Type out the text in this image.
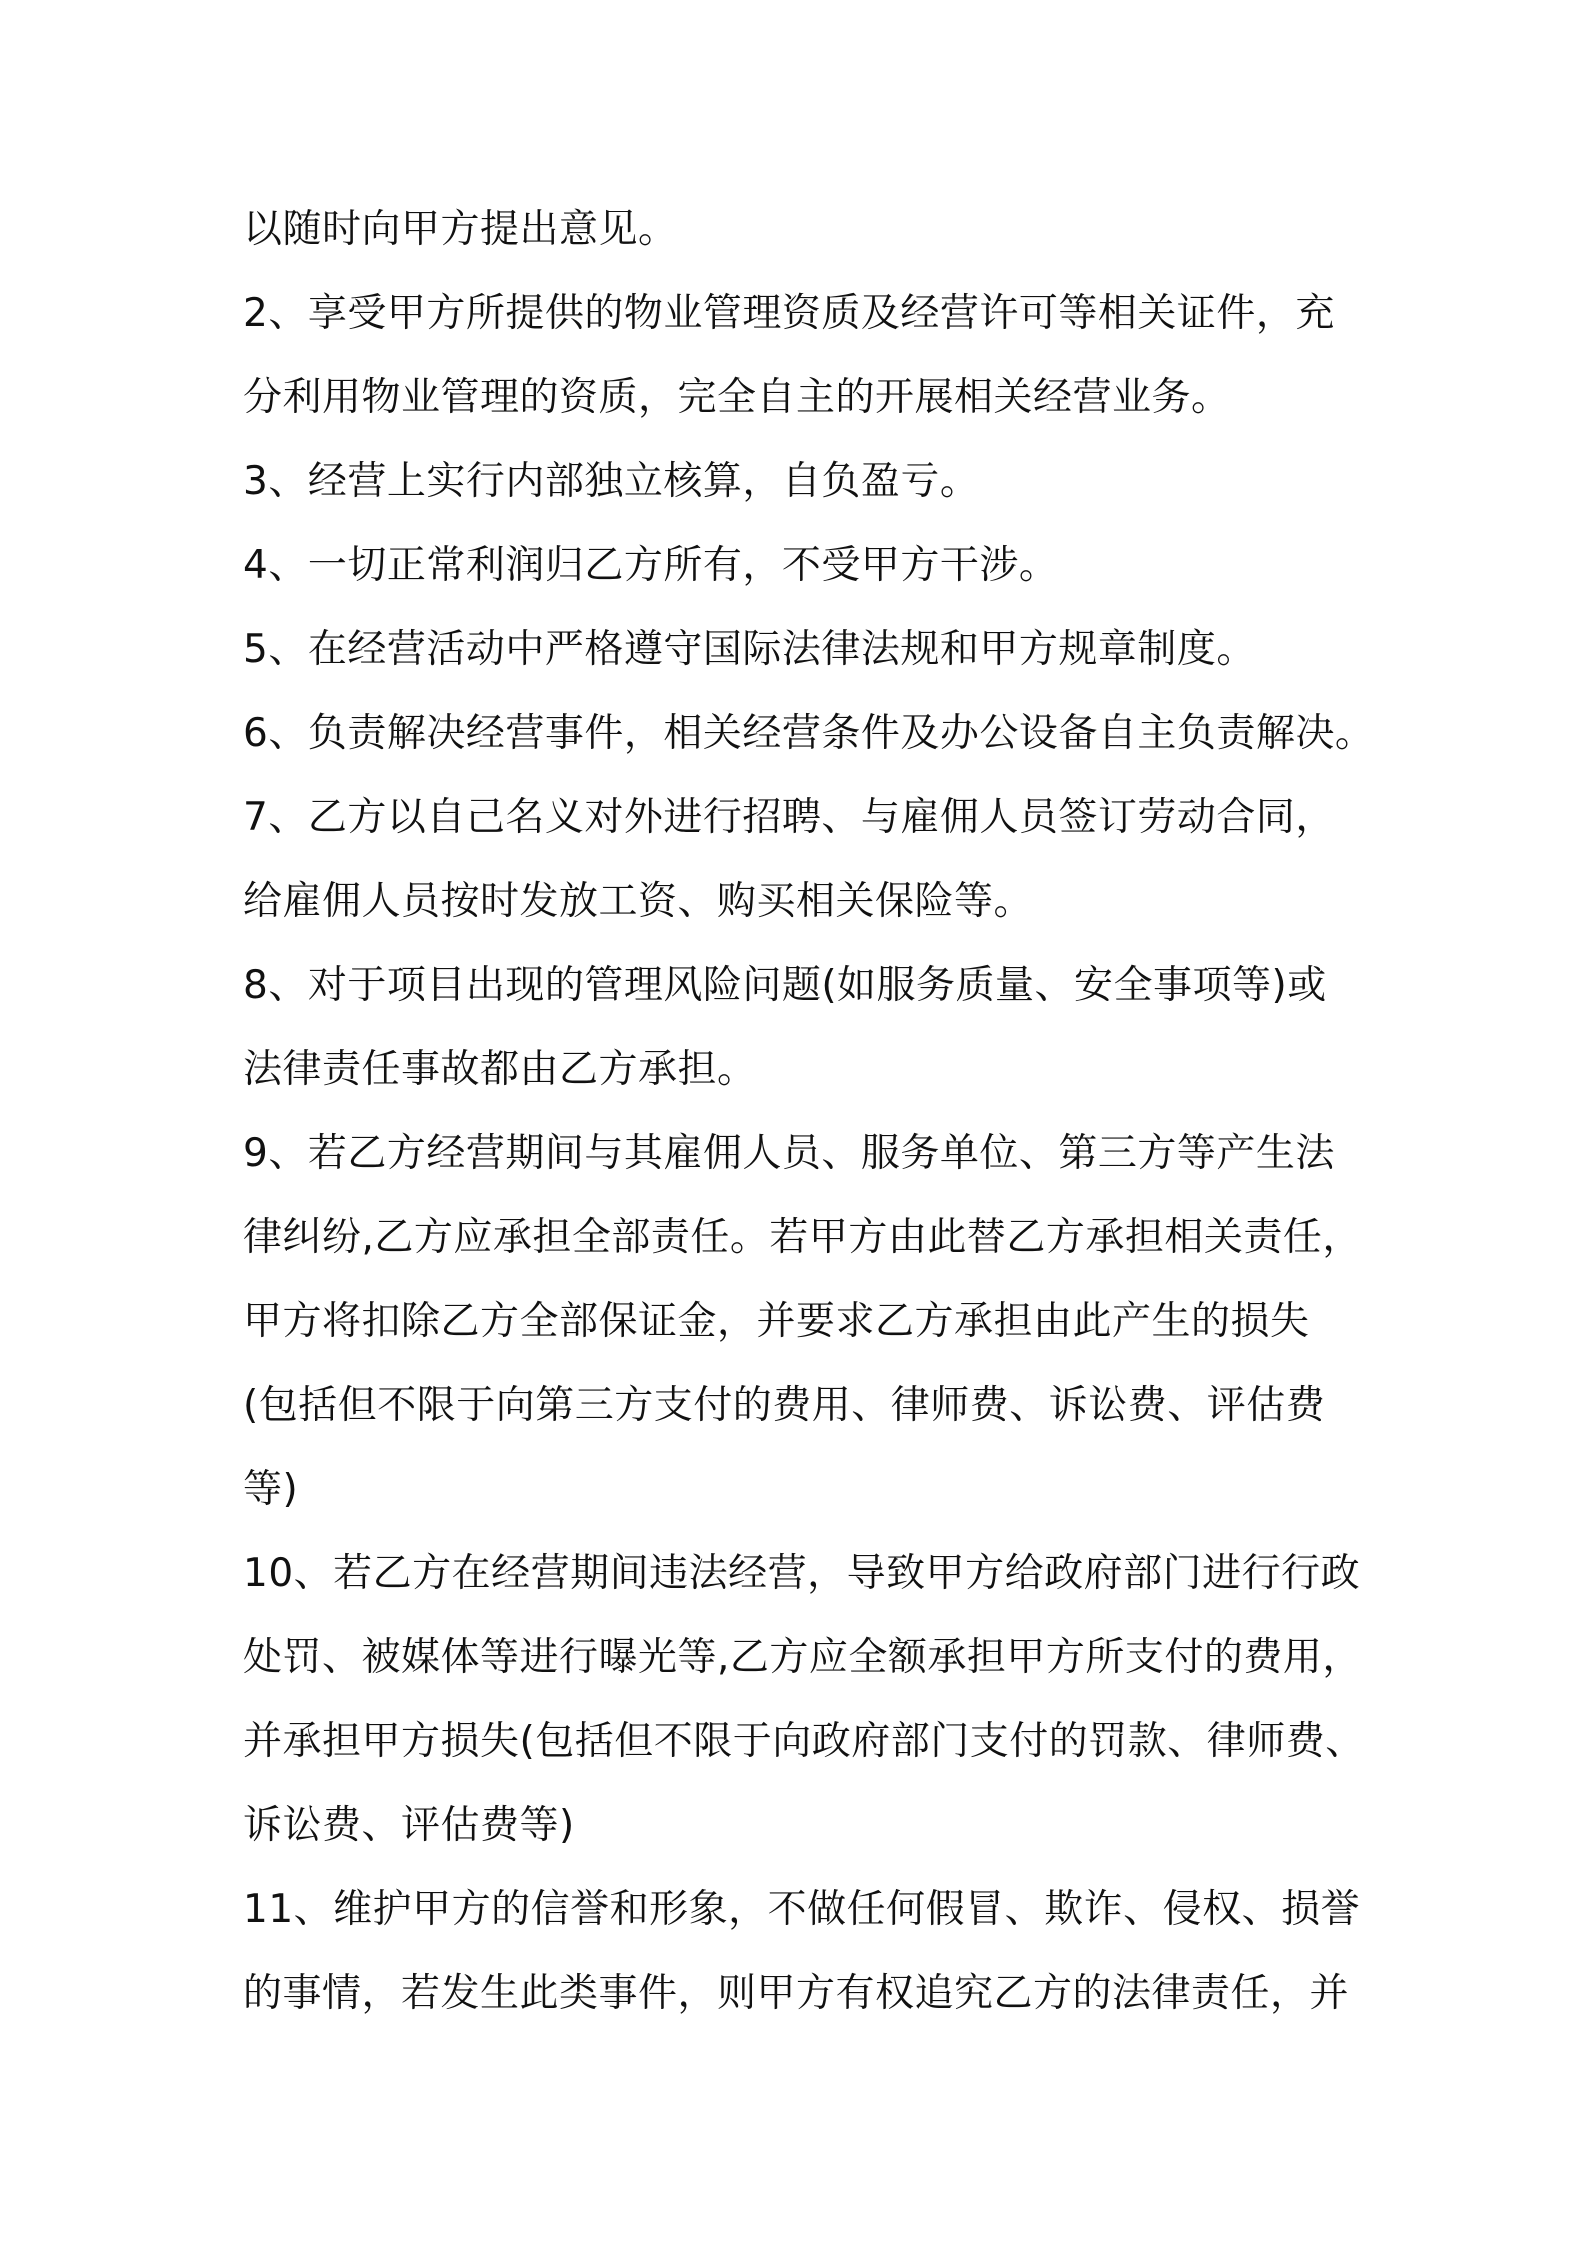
以随时向甲方提出意见。
2、享受甲方所提供的物业管理资质及经营许可等相关证件，充
分利用物业管理的资质，完全自主的开展相关经营业务。
3、经营上实行内部独立核算，自负盈亏。
4、一切正常利润归乙方所有，不受甲方干涉。
5、在经营活动中严格遵守国际法律法规和甲方规章制度。
6、负责解决经营事件，相关经营条件及办公设备自主负责解决。
7、乙方以自己名义对外进行招聘、与雇佣人员签订劳动合同，
给雇佣人员按时发放工资、购买相关保险等。
8、对于项目出现的管理风险问题(如服务质量、安全事项等)或
法律责任事故都由乙方承担。
9、若乙方经营期间与其雇佣人员、服务单位、第三方等产生法
律纠纷,乙方应承担全部责任。若甲方由此替乙方承担相关责任，
甲方将扣除乙方全部保证金，并要求乙方承担由此产生的损失
(包括但不限于向第三方支付的费用、律师费、诉讼费、评估费
等)
10、若乙方在经营期间违法经营，导致甲方给政府部门进行行政
处罚、被媒体等进行曝光等,乙方应全额承担甲方所支付的费用，
并承担甲方损失(包括但不限于向政府部门支付的罚款、律师费、
诉讼费、评估费等)
11、维护甲方的信誉和形象，不做任何假冒、欺诈、侵权、损誉
的事情，若发生此类事件，则甲方有权追究乙方的法律责任，并
